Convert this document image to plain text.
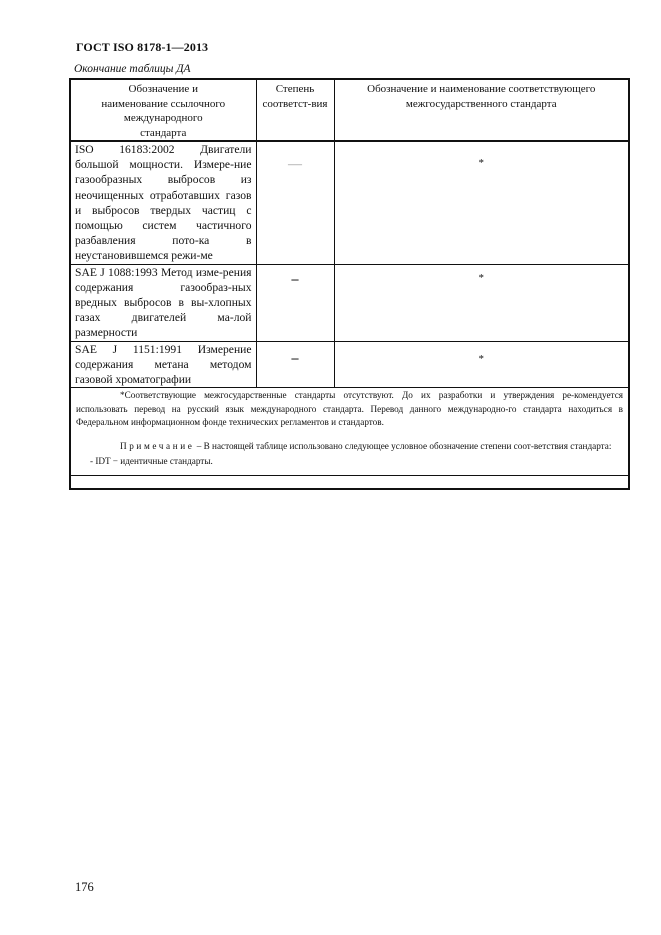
ГОСТ ISO 8178-1—2013
Окончание таблицы ДА
Обозначение и наименование ссылочного международного стандарта	Степень соответст-вия	Обозначение и наименование соответствующего межгосударственного стандарта
ISO 16183:2002 Двигатели большой мощности. Измере-ние газообразных выбросов из неочищенных отработавших газов и выбросов твердых частиц с помощью систем частичного разбавления пото-ка в неустановившемся режи-ме	—	*
SAE J 1088:1993 Метод изме-рения содержания газообраз-ных вредных выбросов в вы-хлопных газах двигателей ма-лой размерности	–	*
SAE J 1151:1991 Измерение содержания метана методом газовой хроматографии	–	*

*Соответствующие межгосударственные стандарты отсутствуют. До их разработки и утверждения ре-комендуется использовать перевод на русский язык международного стандарта. Перевод данного международно-го стандарта находиться в Федеральном информационном фонде технических регламентов и стандартов.

Примечание – В настоящей таблице использовано следующее условное обозначение степени соот-ветствия стандарта:

- IDT − идентичные стандарты.		

176
